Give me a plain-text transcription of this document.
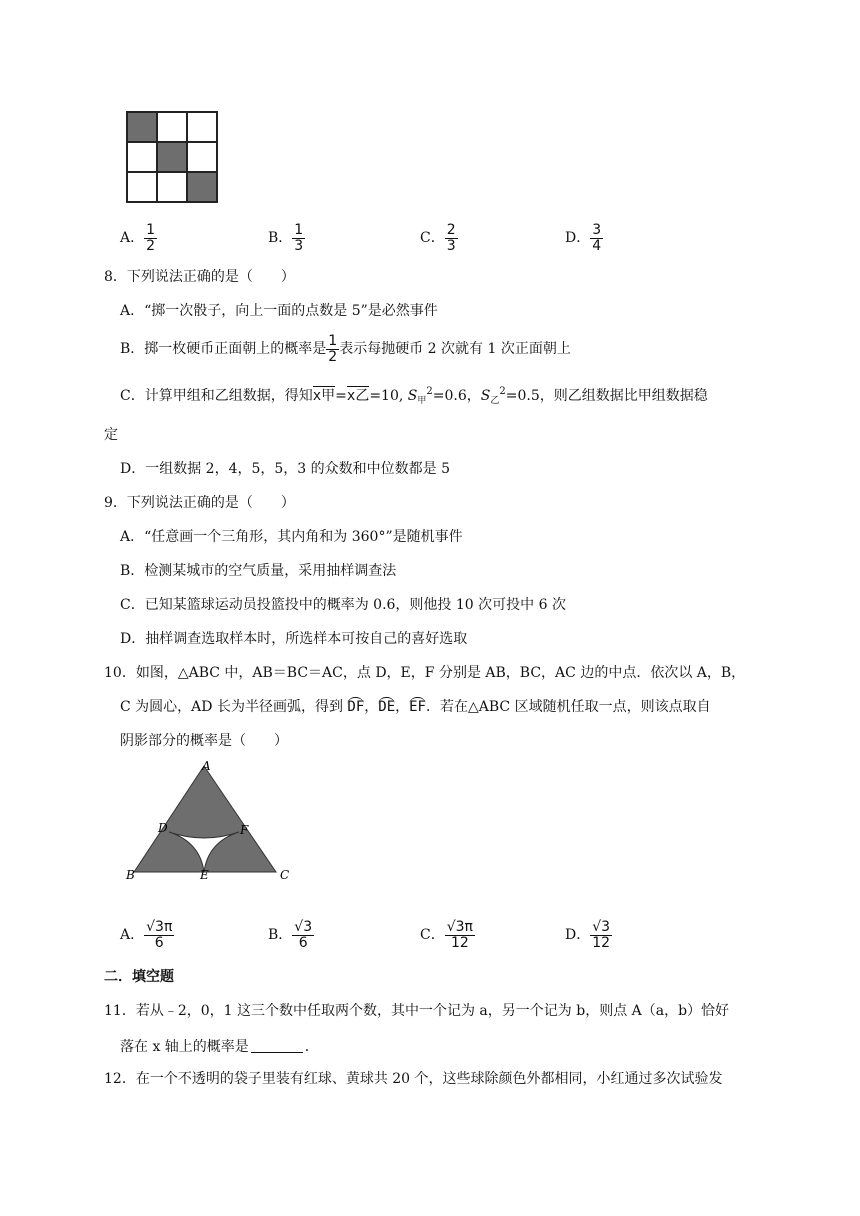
A． $\frac{1}{2}$	B． $\frac{1}{3}$	C． $\frac{2}{3}$	D． $\frac{3}{4}$
8．下列说法正确的是（　　）
A．“掷一次骰子，向上一面的点数是 5”是必然事件
B．掷一枚硬币正面朝上的概率是 $\frac{1}{2}$ 表示每抛硬币 2 次就有 1 次正面朝上
C．计算甲组和乙组数据，得知x甲=x乙=10, $S_甲^2=0.6$，$S_乙^2=0.5$，则乙组数据比甲组数据稳
定
D．一组数据 2，4，5，5，3 的众数和中位数都是 5
9．下列说法正确的是（　　）
A．“任意画一个三角形，其内角和为 360°”是随机事件
B．检测某城市的空气质量，采用抽样调查法
C．已知某篮球运动员投篮投中的概率为 0.6，则他投 10 次可投中 6 次
D．抽样调查选取样本时，所选样本可按自己的喜好选取
10．如图，△ABC 中，AB＝BC＝AC，点 D，E，F 分别是 AB，BC，AC 边的中点．依次以 A，B，
C 为圆心，AD 长为半径画弧，得到 DF，DE，EF．若在△ABC 区域随机任取一点，则该点取自
阴影部分的概率是（　　）
A
B	C
D
E
F
A． $\frac{√3\pi}{6}$	B． $\frac{√3}{6}$	C． $\frac{√3\pi}{12}$	D． $\frac{√3}{12}$
二．填空题
11．若从﹣2，0，1 这三个数中任取两个数，其中一个记为 a，另一个记为 b，则点 A（a，b）恰好
落在 x 轴上的概率是	．
12．在一个不透明的袋子里装有红球、黄球共 20 个，这些球除颜色外都相同，小红通过多次试验发
